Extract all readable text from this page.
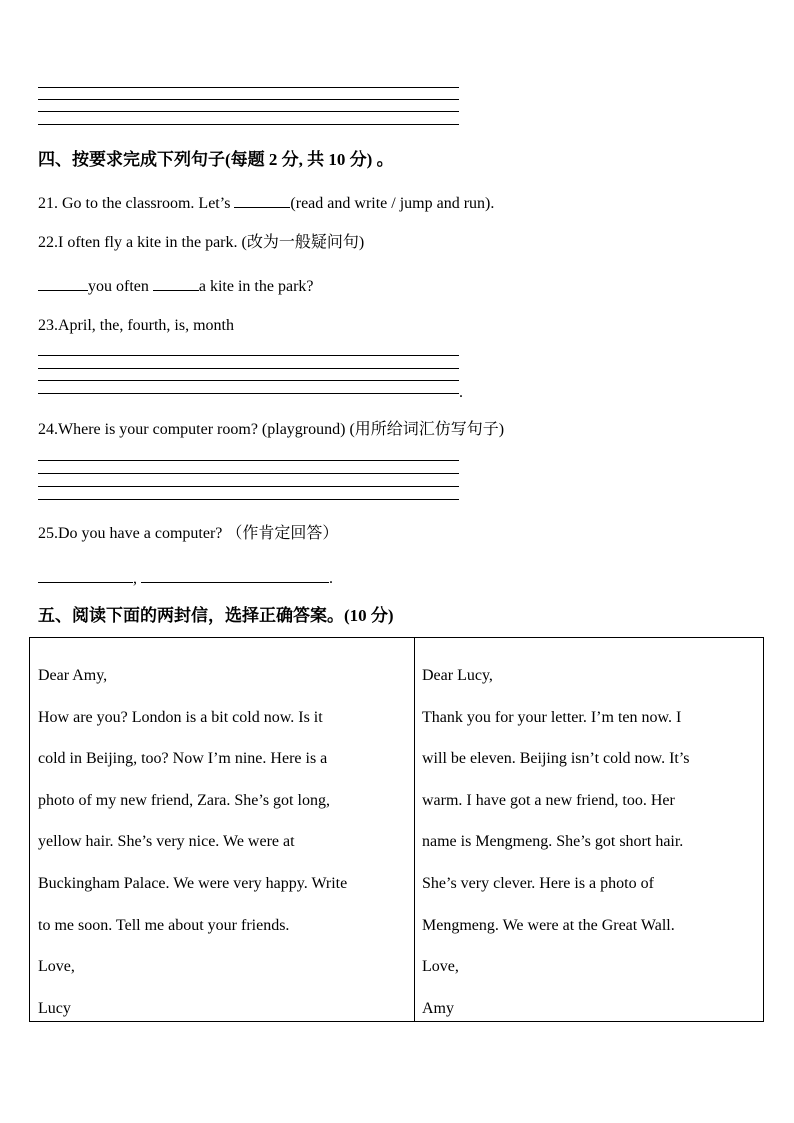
四、按要求完成下列句子(每题 2 分, 共 10 分) 。
21. Go to the classroom. Let’s	(read and write / jump and run).
22.I often fly a kite in the park. (改为一般疑问句)
you often	a kite in the park?
23.April, the, fourth, is, month
.
24.Where is your computer room? (playground) (用所给词汇仿写句子)
25.Do you have a computer? （作肯定回答）
,	.
五、阅读下面的两封信，选择正确答案。(10 分)
Dear Amy,
How are you? London is a bit cold now. Is it
cold in Beijing, too? Now I’m nine. Here is a
photo of my new friend, Zara. She’s got long,
yellow hair. She’s very nice. We were at
Buckingham Palace. We were very happy. Write
to me soon. Tell me about your friends.
Love,
Lucy
Dear Lucy,
Thank you for your letter. I’m ten now. I
will be eleven. Beijing isn’t cold now. It’s
warm. I have got a new friend, too. Her
name is Mengmeng. She’s got short hair.
She’s very clever. Here is a photo of
Mengmeng. We were at the Great Wall.
Love,
Amy
